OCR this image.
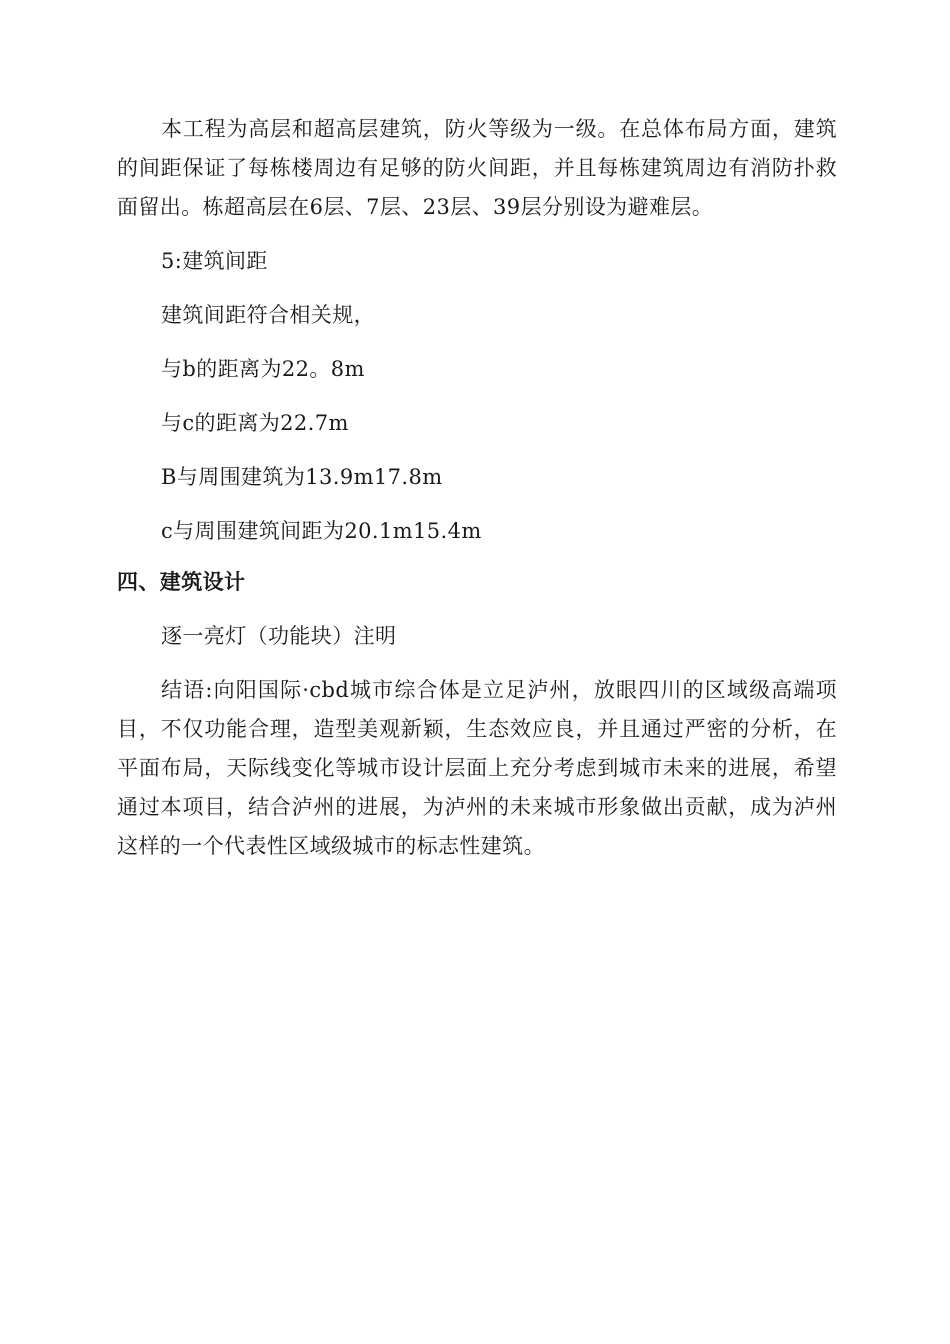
本工程为高层和超高层建筑，防火等级为一级。在总体布局方面，建筑的间距保证了每栋楼周边有足够的防火间距，并且每栋建筑周边有消防扑救面留出。栋超高层在6层、7层、23层、39层分别设为避难层。

5:建筑间距

建筑间距符合相关规，

与b的距离为22。8m

与c的距离为22.7m

B与周围建筑为13.9m17.8m

c与周围建筑间距为20.1m15.4m

四、建筑设计

逐一亮灯（功能块）注明

结语:向阳国际·cbd城市综合体是立足泸州，放眼四川的区域级高端项目，不仅功能合理，造型美观新颖，生态效应良，并且通过严密的分析，在平面布局，天际线变化等城市设计层面上充分考虑到城市未来的进展，希望通过本项目，结合泸州的进展，为泸州的未来城市形象做出贡献，成为泸州这样的一个代表性区域级城市的标志性建筑。
